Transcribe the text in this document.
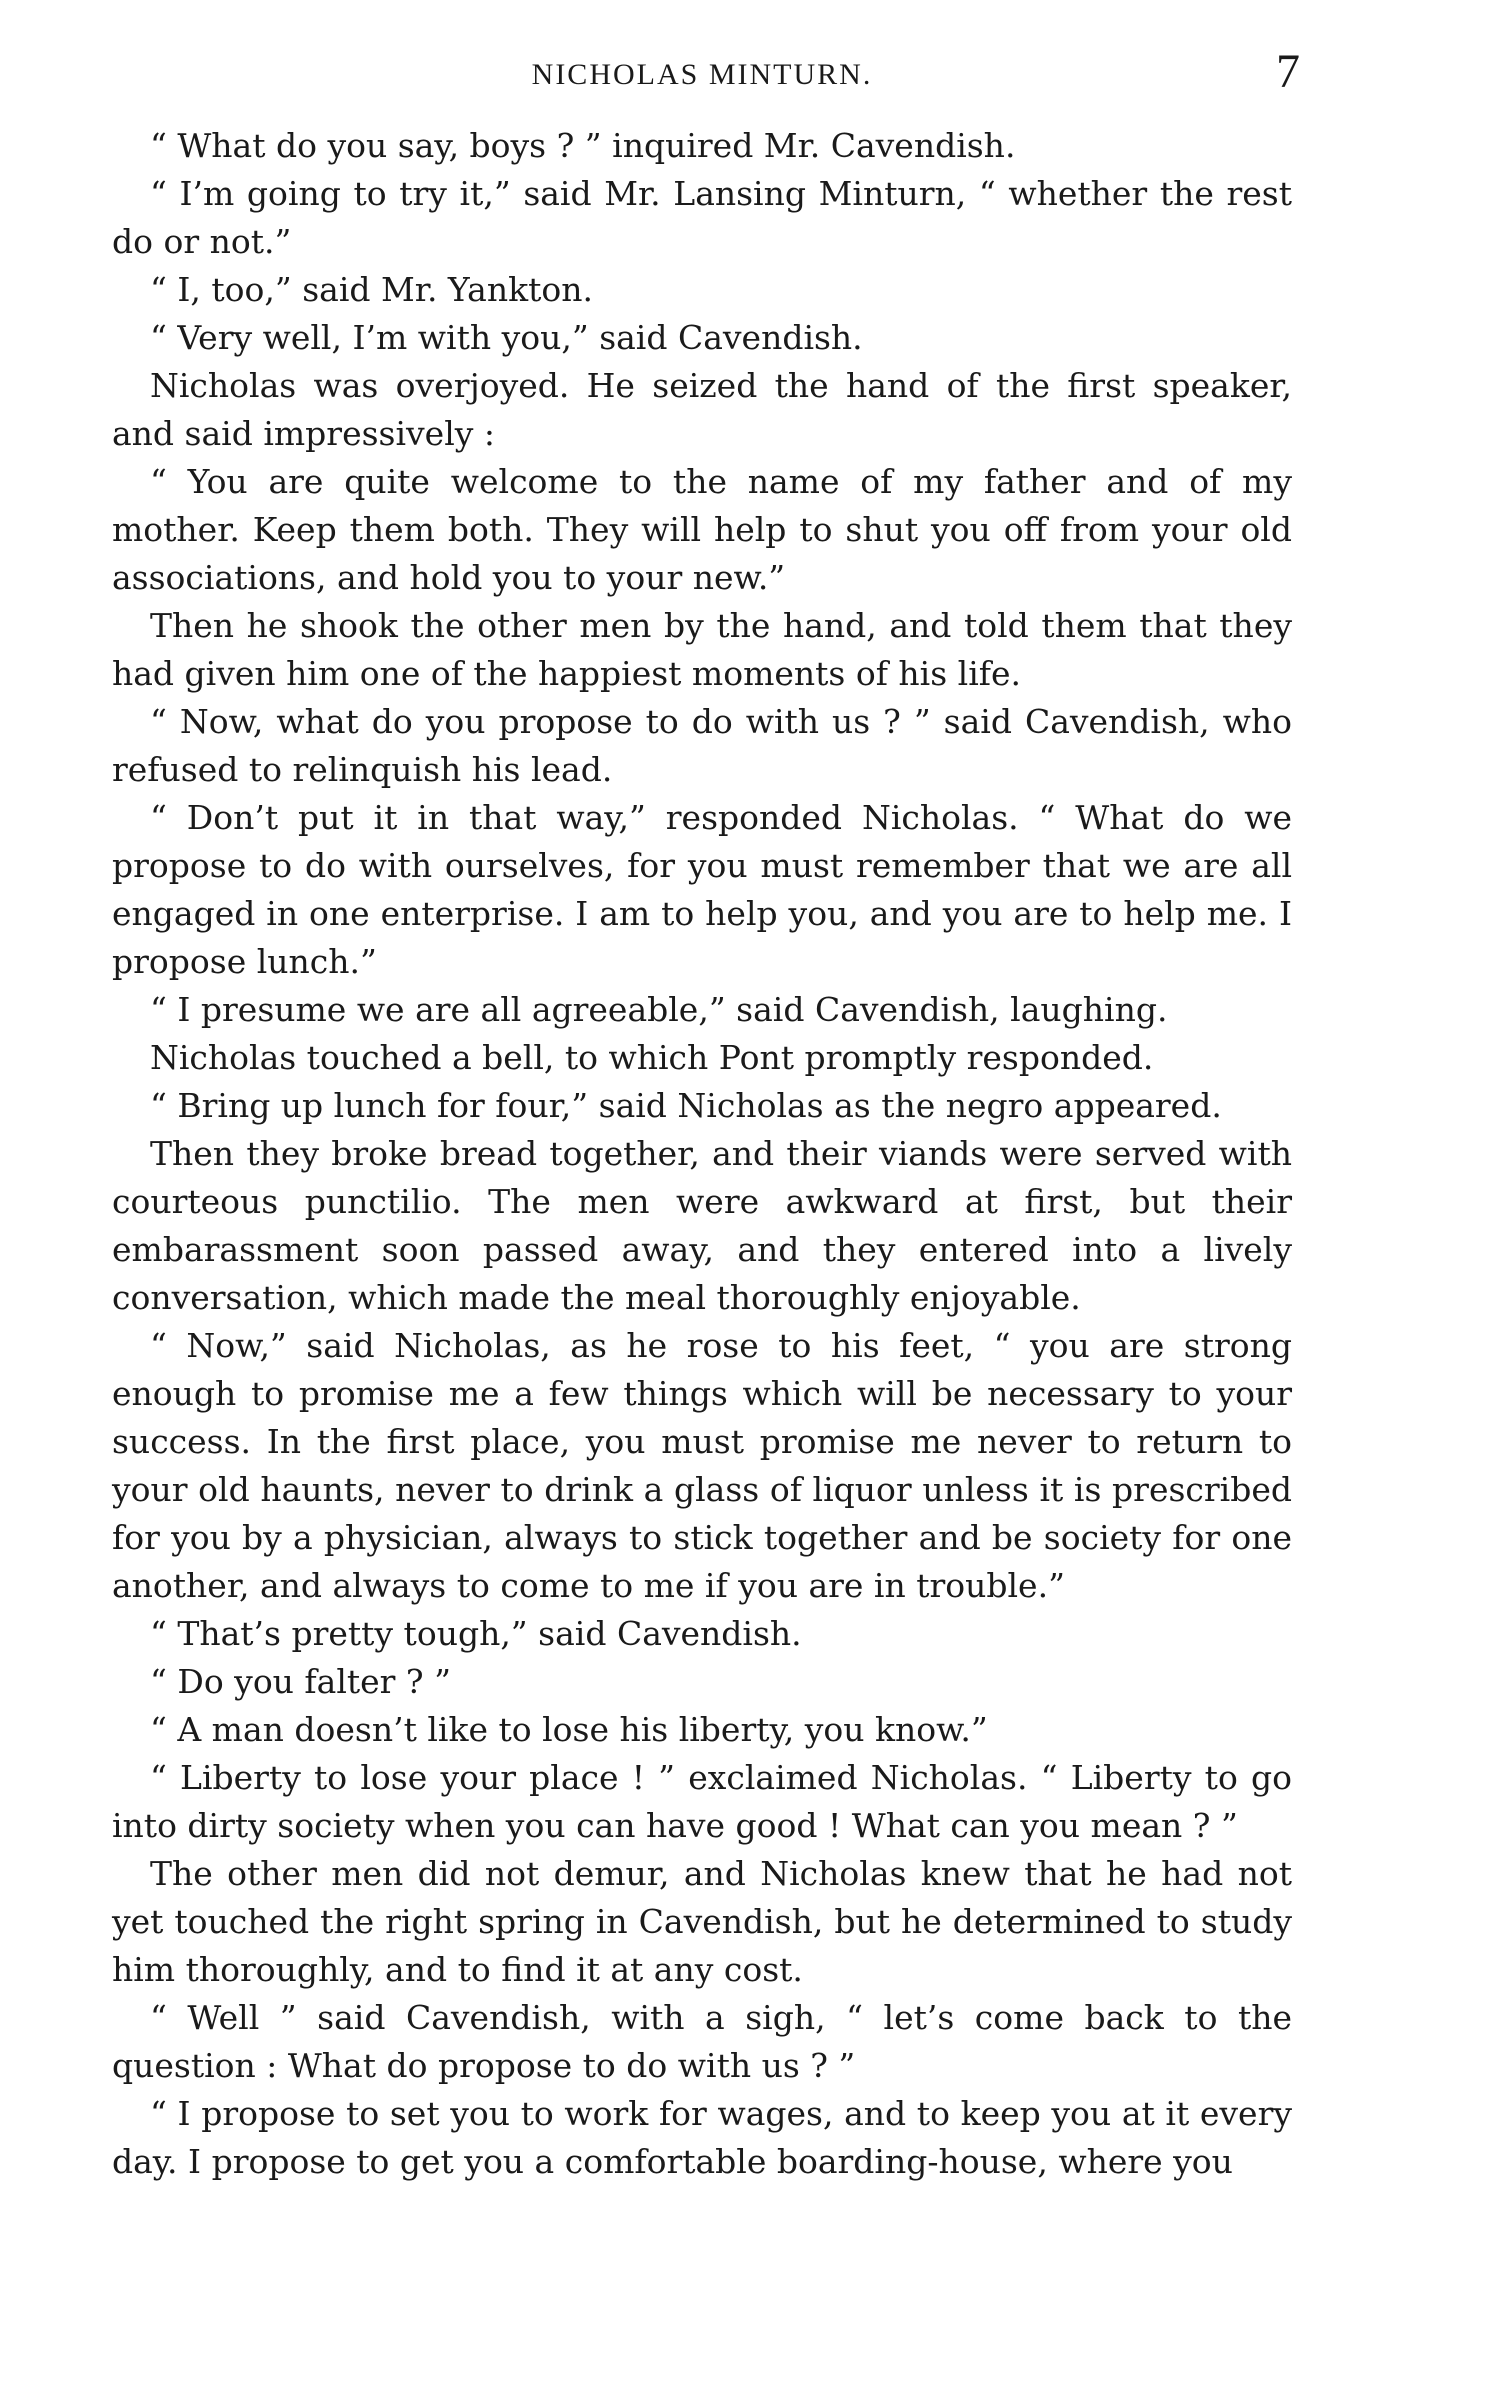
NICHOLAS MINTURN.	7

“ What do you say, boys ? ” inquired Mr. Cavendish.

“ I’m going to try it,” said Mr. Lansing Minturn, “ whether the rest do or not.”

“ I, too,” said Mr. Yankton.

“ Very well, I’m with you,” said Cavendish.

Nicholas was overjoyed. He seized the hand of the first speaker, and said impressively :

“ You are quite welcome to the name of my father and of my mother. Keep them both. They will help to shut you off from your old associations, and hold you to your new.”

Then he shook the other men by the hand, and told them that they had given him one of the happiest moments of his life.

“ Now, what do you propose to do with us ? ” said Cavendish, who refused to relinquish his lead.

“ Don’t put it in that way,” responded Nicholas. “ What do we propose to do with ourselves, for you must remember that we are all engaged in one enterprise. I am to help you, and you are to help me. I propose lunch.”

“ I presume we are all agreeable,” said Cavendish, laughing.

Nicholas touched a bell, to which Pont promptly responded.

“ Bring up lunch for four,” said Nicholas as the negro appeared.

Then they broke bread together, and their viands were served with courteous punctilio. The men were awkward at first, but their embarassment soon passed away, and they entered into a lively conversation, which made the meal thoroughly enjoyable.

“ Now,” said Nicholas, as he rose to his feet, “ you are strong enough to promise me a few things which will be necessary to your success. In the first place, you must promise me never to return to your old haunts, never to drink a glass of liquor unless it is prescribed for you by a physician, always to stick together and be society for one another, and always to come to me if you are in trouble.”

“ That’s pretty tough,” said Cavendish.

“ Do you falter ? ”

“ A man doesn’t like to lose his liberty, you know.”

“ Liberty to lose your place ! ” exclaimed Nicholas. “ Liberty to go into dirty society when you can have good ! What can you mean ? ”

The other men did not demur, and Nicholas knew that he had not yet touched the right spring in Cavendish, but he determined to study him thoroughly, and to find it at any cost.

“ Well ” said Cavendish, with a sigh, “ let’s come back to the question : What do propose to do with us ? ”

“ I propose to set you to work for wages, and to keep you at it every day. I propose to get you a comfortable boarding-house, where you
